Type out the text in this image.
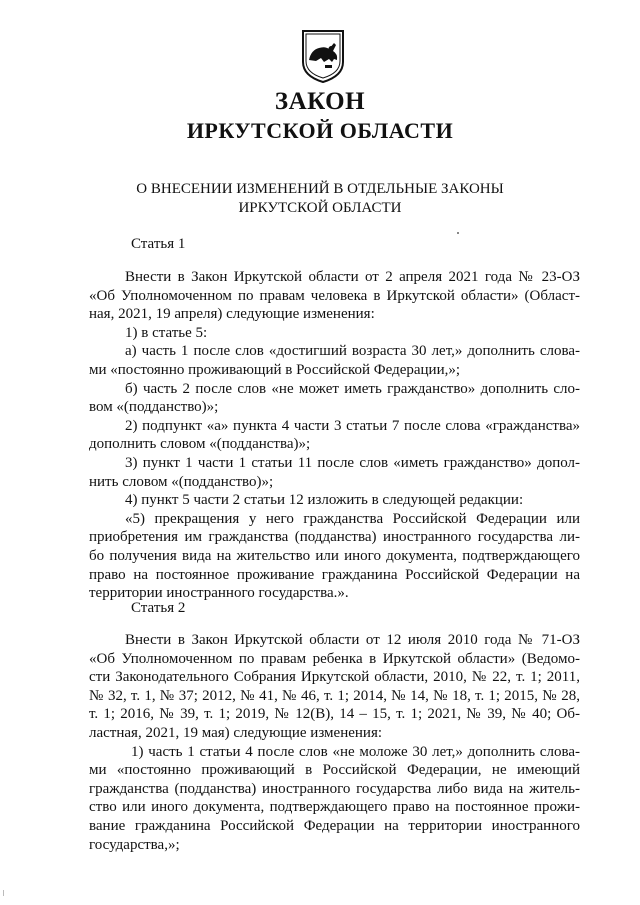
ЗАКОН
ИРКУТСКОЙ ОБЛАСТИ
О ВНЕСЕНИИ ИЗМЕНЕНИЙ В ОТДЕЛЬНЫЕ ЗАКОНЫ
ИРКУТСКОЙ ОБЛАСТИ
Статья 1
Внести в Закон Иркутской области от 2 апреля 2021 года № 23-ОЗ
«Об Уполномоченном по правам человека в Иркутской области» (Област-
ная, 2021, 19 апреля) следующие изменения:
1) в статье 5:
а) часть 1 после слов «достигший возраста 30 лет,» дополнить слова-
ми «постоянно проживающий в Российской Федерации,»;
б) часть 2 после слов «не может иметь гражданство» дополнить сло-
вом «(подданство)»;
2) подпункт «а» пункта 4 части 3 статьи 7 после слова «гражданства»
дополнить словом «(подданства)»;
3) пункт 1 части 1 статьи 11 после слов «иметь гражданство» допол-
нить словом «(подданство)»;
4) пункт 5 части 2 статьи 12 изложить в следующей редакции:
«5) прекращения у него гражданства Российской Федерации или
приобретения им гражданства (подданства) иностранного государства ли-
бо получения вида на жительство или иного документа, подтверждающего
право на постоянное проживание гражданина Российской Федерации на
территории иностранного государства.».
Статья 2
Внести в Закон Иркутской области от 12 июля 2010 года № 71-ОЗ
«Об Уполномоченном по правам ребенка в Иркутской области» (Ведомо-
сти Законодательного Собрания Иркутской области, 2010, № 22, т. 1; 2011,
№ 32, т. 1, № 37; 2012, № 41, № 46, т. 1; 2014, № 14, № 18, т. 1; 2015, № 28,
т. 1; 2016, № 39, т. 1; 2019, № 12(В), 14 – 15, т. 1; 2021, № 39, № 40; Об-
ластная, 2021, 19 мая) следующие изменения:
1) часть 1 статьи 4 после слов «не моложе 30 лет,» дополнить слова-
ми «постоянно проживающий в Российской Федерации, не имеющий
гражданства (подданства) иностранного государства либо вида на житель-
ство или иного документа, подтверждающего право на постоянное прожи-
вание гражданина Российской Федерации на территории иностранного
государства,»;
